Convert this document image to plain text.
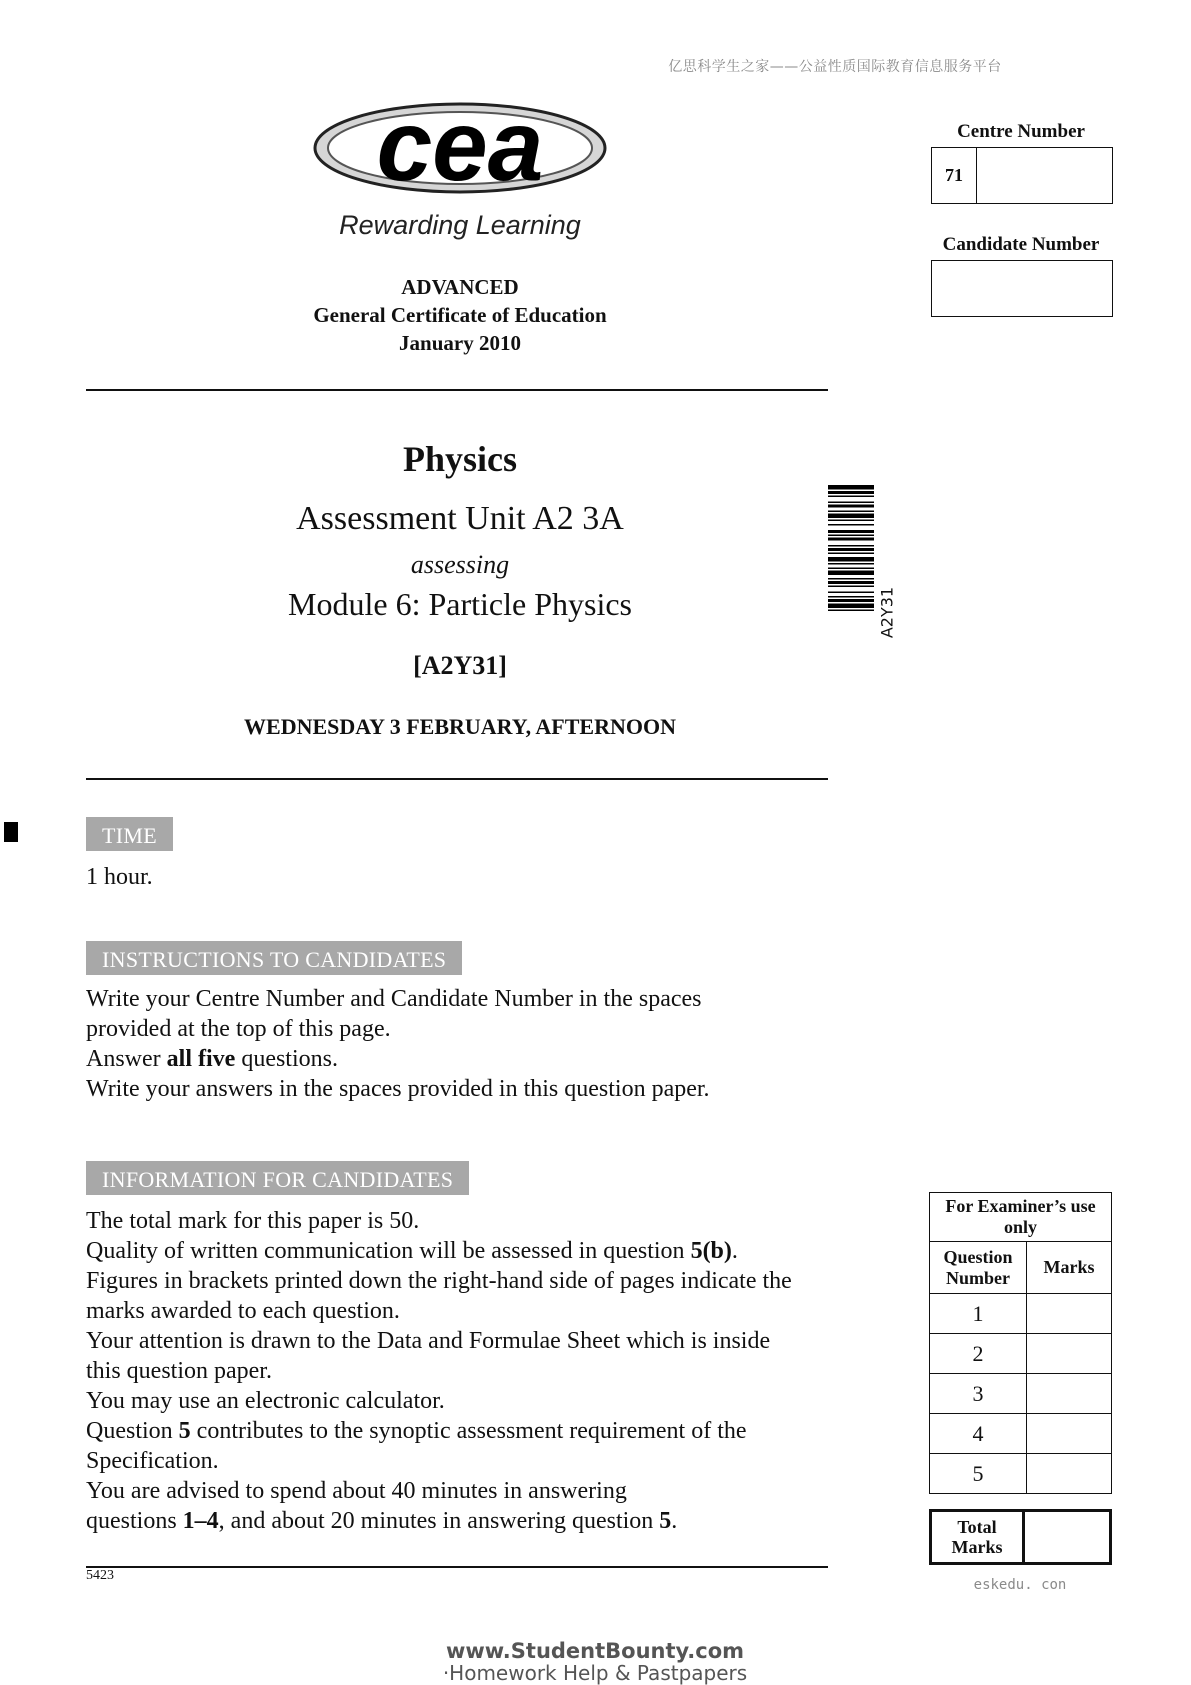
亿思科学生之家——公益性质国际教育信息服务平台
cea
Rewarding Learning
ADVANCED
General Certificate of Education
January 2010
Physics
Assessment Unit A2 3A
assessing
Module 6: Particle Physics
[A2Y31]
WEDNESDAY 3 FEBRUARY, AFTERNOON
A2Y31
Centre Number
71
Candidate Number
TIME
1 hour.
INSTRUCTIONS TO CANDIDATES

Write your Centre Number and Candidate Number in the spaces

provided at the top of this page.

Answer all five questions.

Write your answers in the spaces provided in this question paper.

INFORMATION FOR CANDIDATES

The total mark for this paper is 50.

Quality of written communication will be assessed in question 5(b).

Figures in brackets printed down the right-hand side of pages indicate the

marks awarded to each question.

Your attention is drawn to the Data and Formulae Sheet which is inside

this question paper.

You may use an electronic calculator.

Question 5 contributes to the synoptic assessment requirement of the

Specification.

You are advised to spend about 40 minutes in answering

questions 1–4, and about 20 minutes in answering question 5.

5423
For Examiner’s use only	
Question Number	Marks
1	
2	
3	
4	
5	
Total Marks	
eskedu. con
www.StudentBounty.com
·Homework Help & Pastpapers
